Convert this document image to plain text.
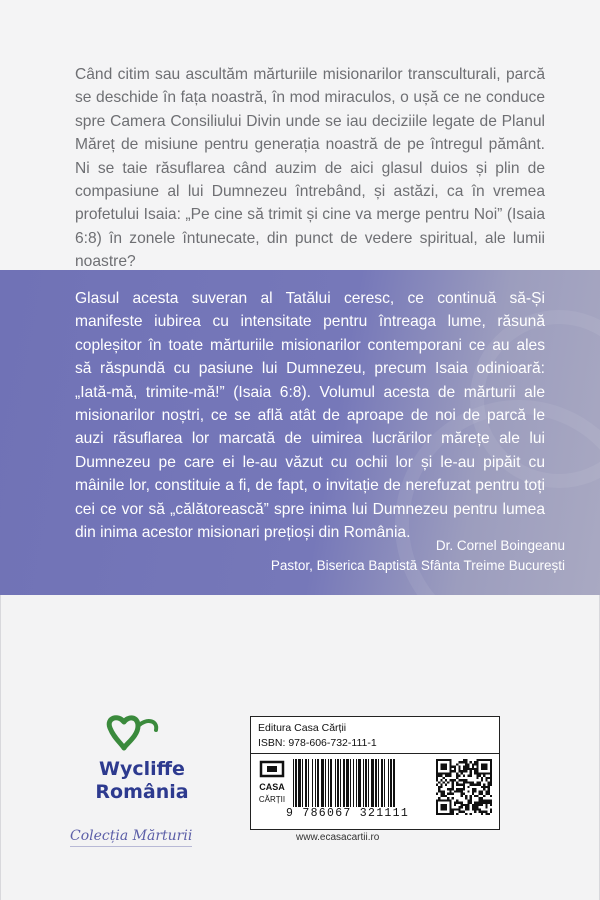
Când citim sau ascultăm mărturiile misionarilor transculturali, parcă se deschide în fața noastră, în mod miraculos, o ușă ce ne conduce spre Camera Consiliului Divin unde se iau deciziile legate de Planul Măreț de misiune pentru generația noastră de pe întregul pământ. Ni se taie răsuflarea când auzim de aici glasul duios și plin de compasiune al lui Dumnezeu întrebând, și astăzi, ca în vremea profetului Isaia: „Pe cine să trimit și cine va merge pentru Noi” (Isaia 6:8) în zonele întunecate, din punct de vedere spiritual, ale lumii noastre?

Glasul acesta suveran al Tatălui ceresc, ce continuă să-Și manifeste iubirea cu intensitate pentru întreaga lume, răsună copleșitor în toate mărturiile misionarilor contemporani ce au ales să răspundă cu pasiune lui Dumnezeu, precum Isaia odinioară: „Iată-mă, trimite-mă!” (Isaia 6:8). Volumul acesta de mărturii ale misionarilor noștri, ce se află atât de aproape de noi de parcă le auzi răsuflarea lor marcată de uimirea lucrărilor mărețe ale lui Dumnezeu pe care ei le-au văzut cu ochii lor și le-au pipăit cu mâinile lor, constituie a fi, de fapt, o invitație de nerefuzat pentru toți cei ce vor să „călătorească” spre inima lui Dumnezeu pentru lumea din inima acestor misionari prețioși din România.

Dr. Cornel Boingeanu
Pastor, Biserica Baptistă Sfânta Treime București
Wycliffe
România
Colecția Mărturii
Editura Casa Cărții
ISBN: 978-606-732-111-1
CASA
CĂRȚII
9 786067 321111
www.ecasacartii.ro
